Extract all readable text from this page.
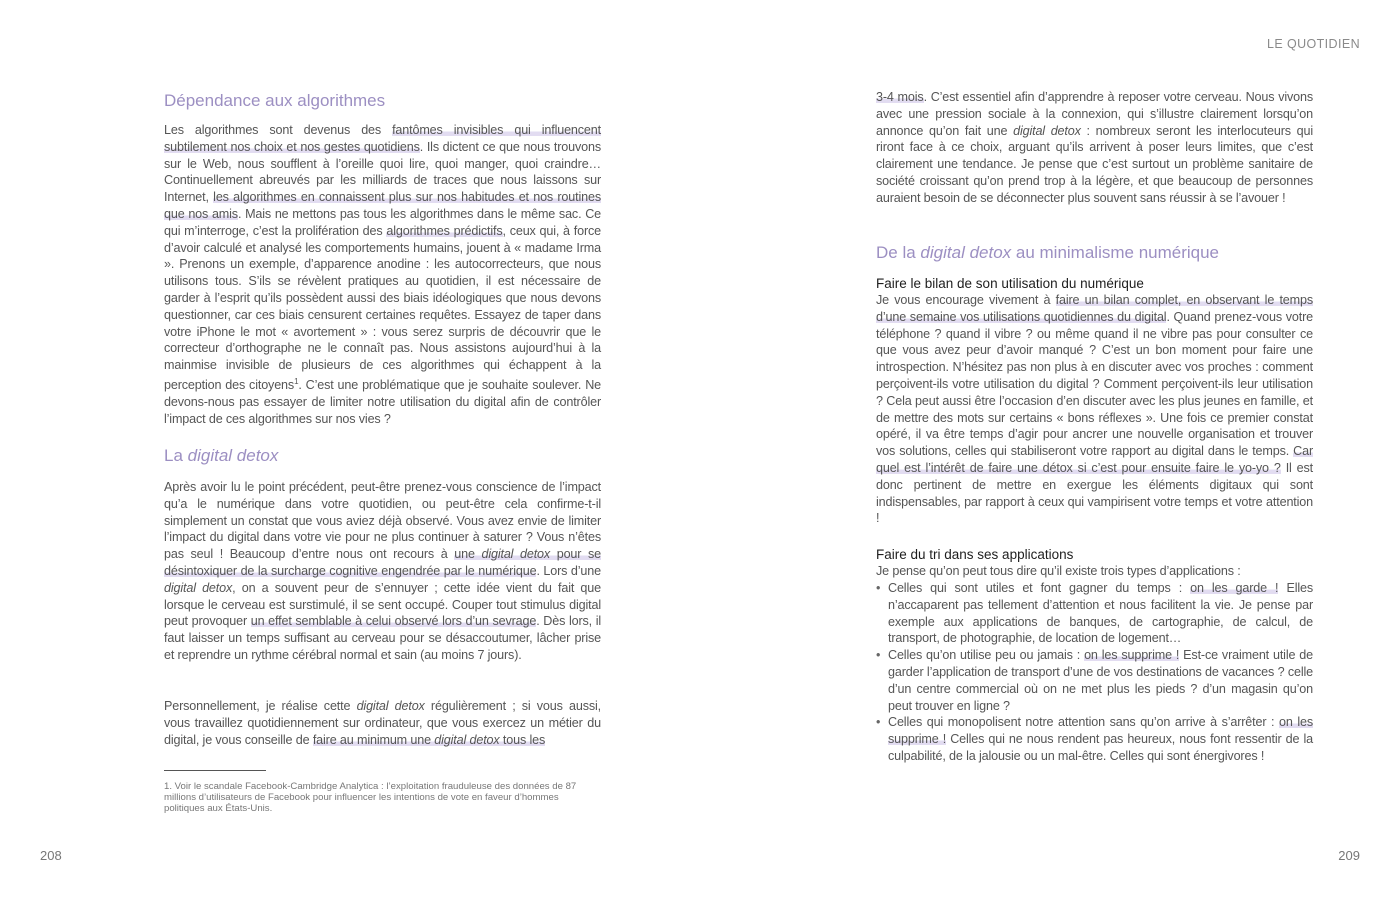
LE QUOTIDIEN
Dépendance aux algorithmes

Les algorithmes sont devenus des fantômes invisibles qui influencent subtilement nos choix et nos gestes quotidiens. Ils dictent ce que nous trouvons sur le Web, nous soufflent à l’oreille quoi lire, quoi manger, quoi craindre… Continuellement abreuvés par les milliards de traces que nous laissons sur Internet, les algorithmes en connaissent plus sur nos habitudes et nos routines que nos amis. Mais ne mettons pas tous les algorithmes dans le même sac. Ce qui m’interroge, c’est la prolifération des algorithmes prédictifs, ceux qui, à force d’avoir calculé et analysé les comportements humains, jouent à « madame Irma ». Prenons un exemple, d’apparence anodine : les autocorrecteurs, que nous utilisons tous. S’ils se révèlent pratiques au quotidien, il est nécessaire de garder à l’esprit qu’ils possèdent aussi des biais idéologiques que nous devons questionner, car ces biais censurent certaines requêtes. Essayez de taper dans votre iPhone le mot « avortement » : vous serez surpris de découvrir que le correcteur d’orthographe ne le connaît pas. Nous assistons aujourd’hui à la mainmise invisible de plusieurs de ces algorithmes qui échappent à la perception des citoyens$^1$. C’est une problématique que je souhaite soulever. Ne devons-nous pas essayer de limiter notre utilisation du digital afin de contrôler l’impact de ces algorithmes sur nos vies ?

La digital detox

Après avoir lu le point précédent, peut-être prenez-vous conscience de l’impact qu’a le numérique dans votre quotidien, ou peut-être cela confirme-t-il simplement un constat que vous aviez déjà observé. Vous avez envie de limiter l’impact du digital dans votre vie pour ne plus continuer à saturer ? Vous n’êtes pas seul ! Beaucoup d’entre nous ont recours à une digital detox pour se désintoxiquer de la surcharge cognitive engendrée par le numérique. Lors d’une digital detox, on a souvent peur de s’ennuyer ; cette idée vient du fait que lorsque le cerveau est surstimulé, il se sent occupé. Couper tout stimulus digital peut provoquer un effet semblable à celui observé lors d’un sevrage. Dès lors, il faut laisser un temps suffisant au cerveau pour se désaccoutumer, lâcher prise et reprendre un rythme cérébral normal et sain (au moins 7 jours).

Personnellement, je réalise cette digital detox régulièrement ; si vous aussi, vous travaillez quotidiennement sur ordinateur, que vous exercez un métier du digital, je vous conseille de faire au minimum une digital detox tous les

1. Voir le scandale Facebook-Cambridge Analytica : l’exploitation frauduleuse des données de 87 millions d’utilisateurs de Facebook pour influencer les intentions de vote en faveur d’hommes politiques aux États-Unis.

3-4 mois. C’est essentiel afin d’apprendre à reposer votre cerveau. Nous vivons avec une pression sociale à la connexion, qui s’illustre clairement lorsqu’on annonce qu’on fait une digital detox : nombreux seront les interlocuteurs qui riront face à ce choix, arguant qu’ils arrivent à poser leurs limites, que c’est clairement une tendance. Je pense que c’est surtout un problème sanitaire de société croissant qu’on prend trop à la légère, et que beaucoup de personnes auraient besoin de se déconnecter plus souvent sans réussir à se l’avouer !

De la digital detox au minimalisme numérique
Faire le bilan de son utilisation du numérique

Je vous encourage vivement à faire un bilan complet, en observant le temps d’une semaine vos utilisations quotidiennes du digital. Quand prenez-vous votre téléphone ? quand il vibre ? ou même quand il ne vibre pas pour consulter ce que vous avez peur d’avoir manqué ? C’est un bon moment pour faire une introspection. N’hésitez pas non plus à en discuter avec vos proches : comment perçoivent-ils votre utilisation du digital ? Comment perçoivent-ils leur utilisation ? Cela peut aussi être l’occasion d’en discuter avec les plus jeunes en famille, et de mettre des mots sur certains « bons réflexes ». Une fois ce premier constat opéré, il va être temps d’agir pour ancrer une nouvelle organisation et trouver vos solutions, celles qui stabiliseront votre rapport au digital dans le temps. Car quel est l’intérêt de faire une détox si c’est pour ensuite faire le yo-yo ? Il est donc pertinent de mettre en exergue les éléments digitaux qui sont indispensables, par rapport à ceux qui vampirisent votre temps et votre attention !

Faire du tri dans ses applications

Je pense qu’on peut tous dire qu’il existe trois types d’applications :

• Celles qui sont utiles et font gagner du temps : on les garde ! Elles n’accaparent pas tellement d’attention et nous facilitent la vie. Je pense par exemple aux applications de banques, de cartographie, de calcul, de transport, de photographie, de location de logement…
• Celles qu’on utilise peu ou jamais : on les supprime ! Est-ce vraiment utile de garder l’application de transport d’une de vos destinations de vacances ? celle d’un centre commercial où on ne met plus les pieds ? d’un magasin qu’on peut trouver en ligne ?
• Celles qui monopolisent notre attention sans qu’on arrive à s’arrêter : on les supprime ! Celles qui ne nous rendent pas heureux, nous font ressentir de la culpabilité, de la jalousie ou un mal-être. Celles qui sont énergivores !
208	209
